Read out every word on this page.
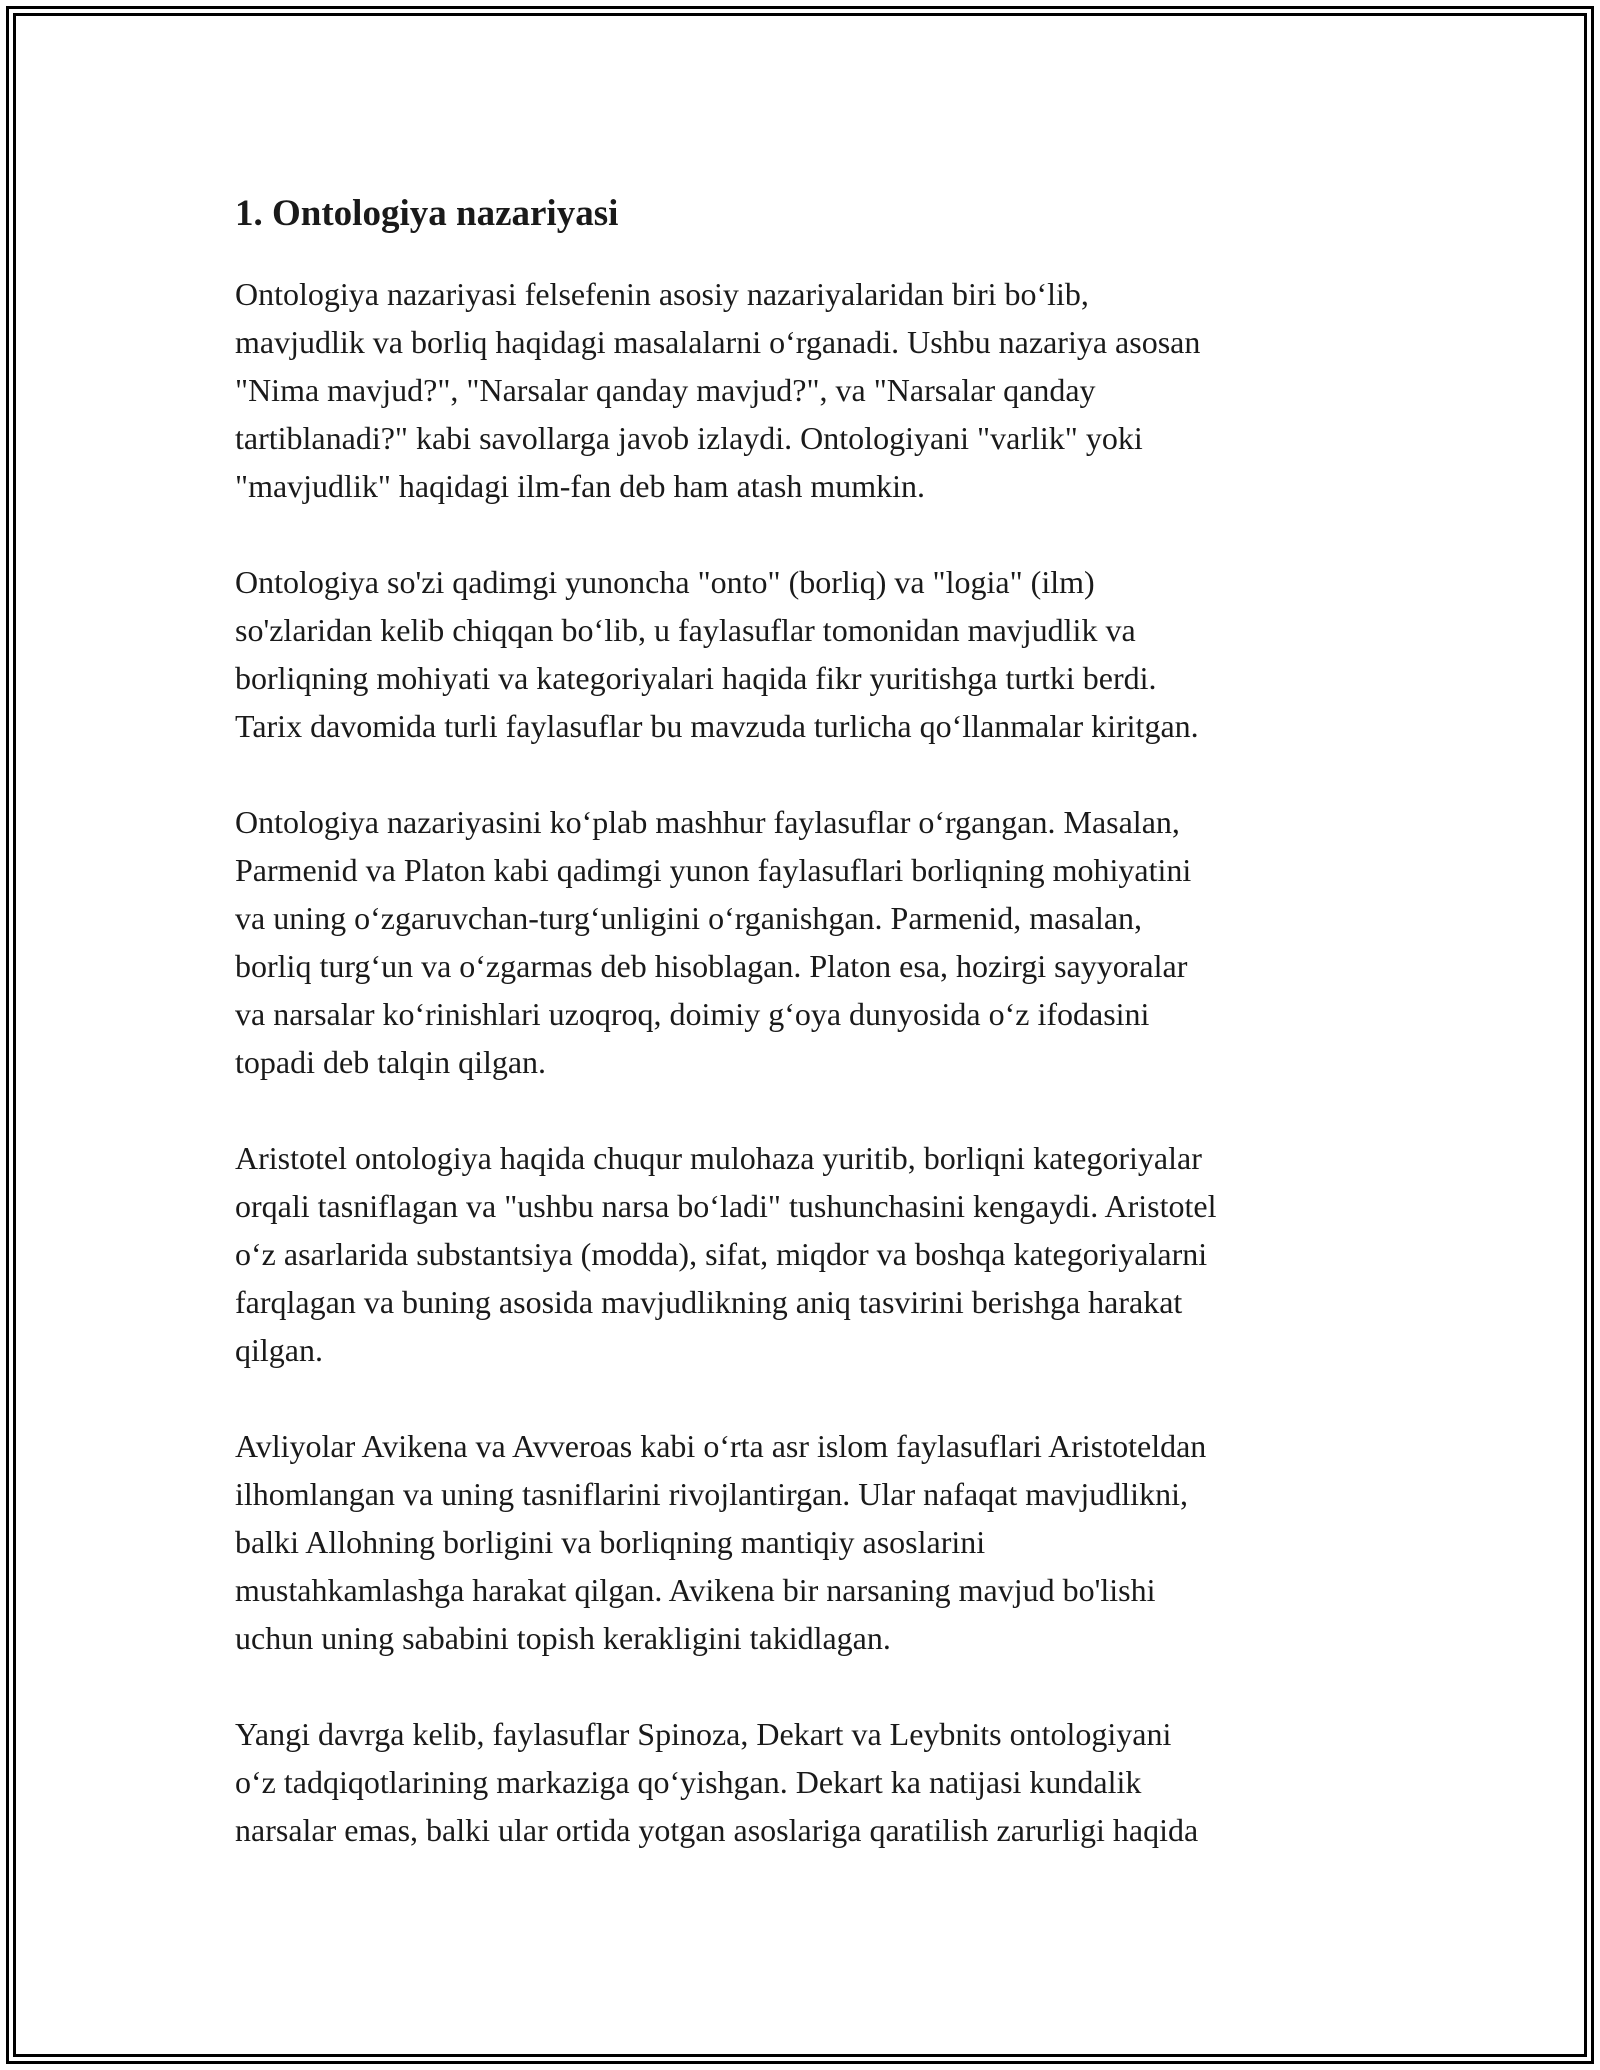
1. Ontologiya nazariyasi

Ontologiya nazariyasi felsefenin asosiy nazariyalaridan biri boʻlib,
mavjudlik va borliq haqidagi masalalarni oʻrganadi. Ushbu nazariya asosan
"Nima mavjud?", "Narsalar qanday mavjud?", va "Narsalar qanday
tartiblanadi?" kabi savollarga javob izlaydi. Ontologiyani "varlik" yoki
"mavjudlik" haqidagi ilm-fan deb ham atash mumkin.

Ontologiya so'zi qadimgi yunoncha "onto" (borliq) va "logia" (ilm)
so'zlaridan kelib chiqqan boʻlib, u faylasuflar tomonidan mavjudlik va
borliqning mohiyati va kategoriyalari haqida fikr yuritishga turtki berdi.
Tarix davomida turli faylasuflar bu mavzuda turlicha qoʻllanmalar kiritgan.

Ontologiya nazariyasini koʻplab mashhur faylasuflar oʻrgangan. Masalan,
Parmenid va Platon kabi qadimgi yunon faylasuflari borliqning mohiyatini
va uning oʻzgaruvchan-turgʻunligini oʻrganishgan. Parmenid, masalan,
borliq turgʻun va oʻzgarmas deb hisoblagan. Platon esa, hozirgi sayyoralar
va narsalar koʻrinishlari uzoqroq, doimiy gʻoya dunyosida oʻz ifodasini
topadi deb talqin qilgan.

Aristotel ontologiya haqida chuqur mulohaza yuritib, borliqni kategoriyalar
orqali tasniflagan va "ushbu narsa boʻladi" tushunchasini kengaydi. Aristotel
oʻz asarlarida substantsiya (modda), sifat, miqdor va boshqa kategoriyalarni
farqlagan va buning asosida mavjudlikning aniq tasvirini berishga harakat
qilgan.

Avliyolar Avikena va Avveroas kabi oʻrta asr islom faylasuflari Aristoteldan
ilhomlangan va uning tasniflarini rivojlantirgan. Ular nafaqat mavjudlikni,
balki Allohning borligini va borliqning mantiqiy asoslarini
mustahkamlashga harakat qilgan. Avikena bir narsaning mavjud bo'lishi
uchun uning sababini topish kerakligini takidlagan.

Yangi davrga kelib, faylasuflar Spinoza, Dekart va Leybnits ontologiyani
oʻz tadqiqotlarining markaziga qoʻyishgan. Dekart ka natijasi kundalik
narsalar emas, balki ular ortida yotgan asoslariga qaratilish zarurligi haqida
